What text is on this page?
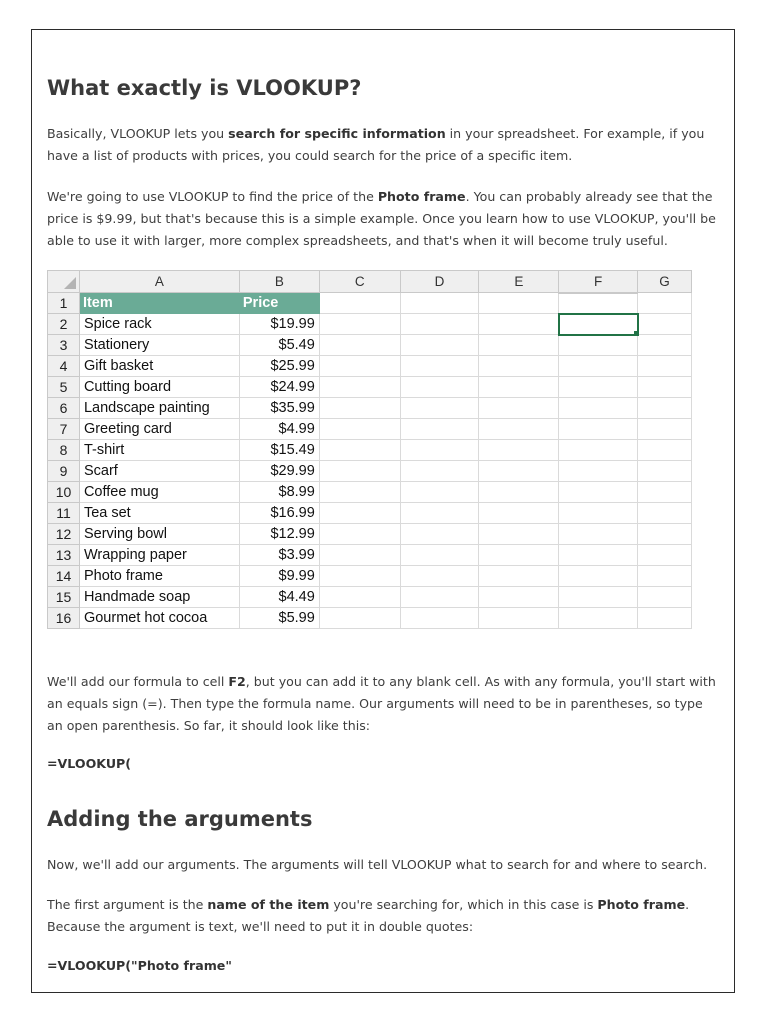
What exactly is VLOOKUP?

Basically, VLOOKUP lets you search for specific information in your spreadsheet. For example, if you have a list of products with prices, you could search for the price of a specific item.

We're going to use VLOOKUP to find the price of the Photo frame. You can probably already see that the price is $9.99, but that's because this is a simple example. Once you learn how to use VLOOKUP, you'll be able to use it with larger, more complex spreadsheets, and that's when it will become truly useful.

We'll add our formula to cell F2, but you can add it to any blank cell. As with any formula, you'll start with an equals sign (=). Then type the formula name. Our arguments will need to be in parentheses, so type an open parenthesis. So far, it should look like this:

=VLOOKUP(
Adding the arguments

Now, we'll add our arguments. The arguments will tell VLOOKUP what to search for and where to search.

The first argument is the name of the item you're searching for, which in this case is Photo frame. Because the argument is text, we'll need to put it in double quotes:

=VLOOKUP("Photo frame"
	A	B	C	D	E	F	G
1	Item	Price					
2	Spice rack	$19.99				

3	Stationery	$5.49					
4	Gift basket	$25.99					
5	Cutting board	$24.99					
6	Landscape painting	$35.99					
7	Greeting card	$4.99					
8	T-shirt	$15.49					
9	Scarf	$29.99					
10	Coffee mug	$8.99					
11	Tea set	$16.99					
12	Serving bowl	$12.99					
13	Wrapping paper	$3.99					
14	Photo frame	$9.99					
15	Handmade soap	$4.49					
16	Gourmet hot cocoa	$5.99					
